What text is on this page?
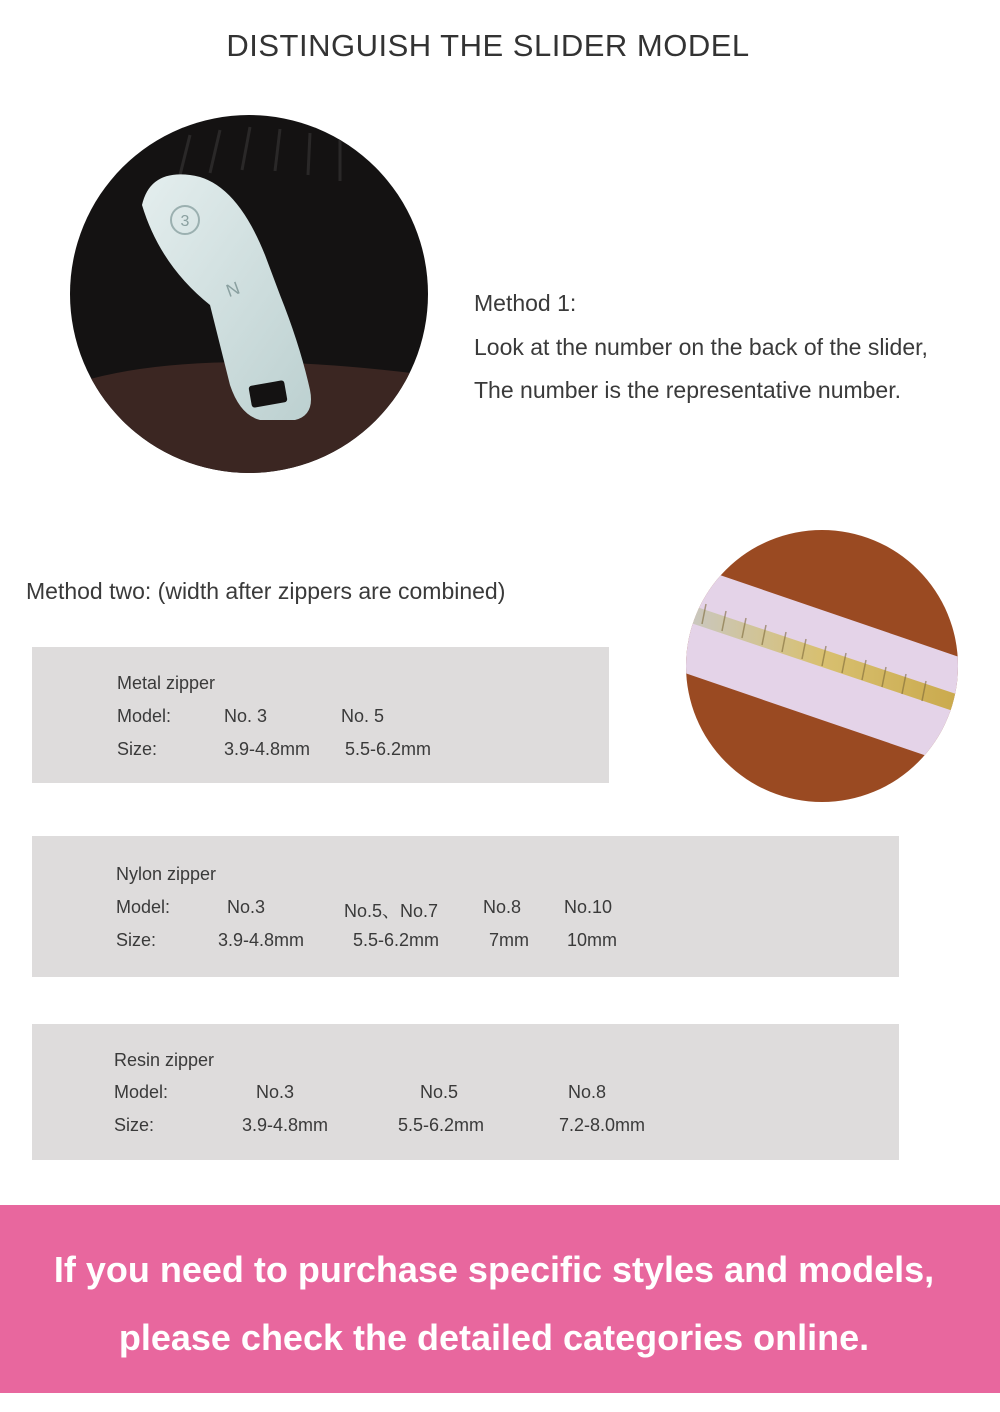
DISTINGUISH THE SLIDER MODEL
3
N
Method 1:
Look at the number on the back of the slider,
The number is the representative number.
Method two: (width after zippers are combined)
Metal zipper
Model:	No. 3	No. 5
Size:	3.9-4.8mm 5.5-6.2mm
Nylon zipper
Model:	No.3	No.5、No.7 No.8 No.10
Size:	3.9-4.8mm	5.5-6.2mm	7mm 10mm
Resin zipper
Model:	No.3	No.5	No.8
Size:	3.9-4.8mm	5.5-6.2mm	7.2-8.0mm
If you need to purchase specific styles and models,
please check the detailed categories online.
